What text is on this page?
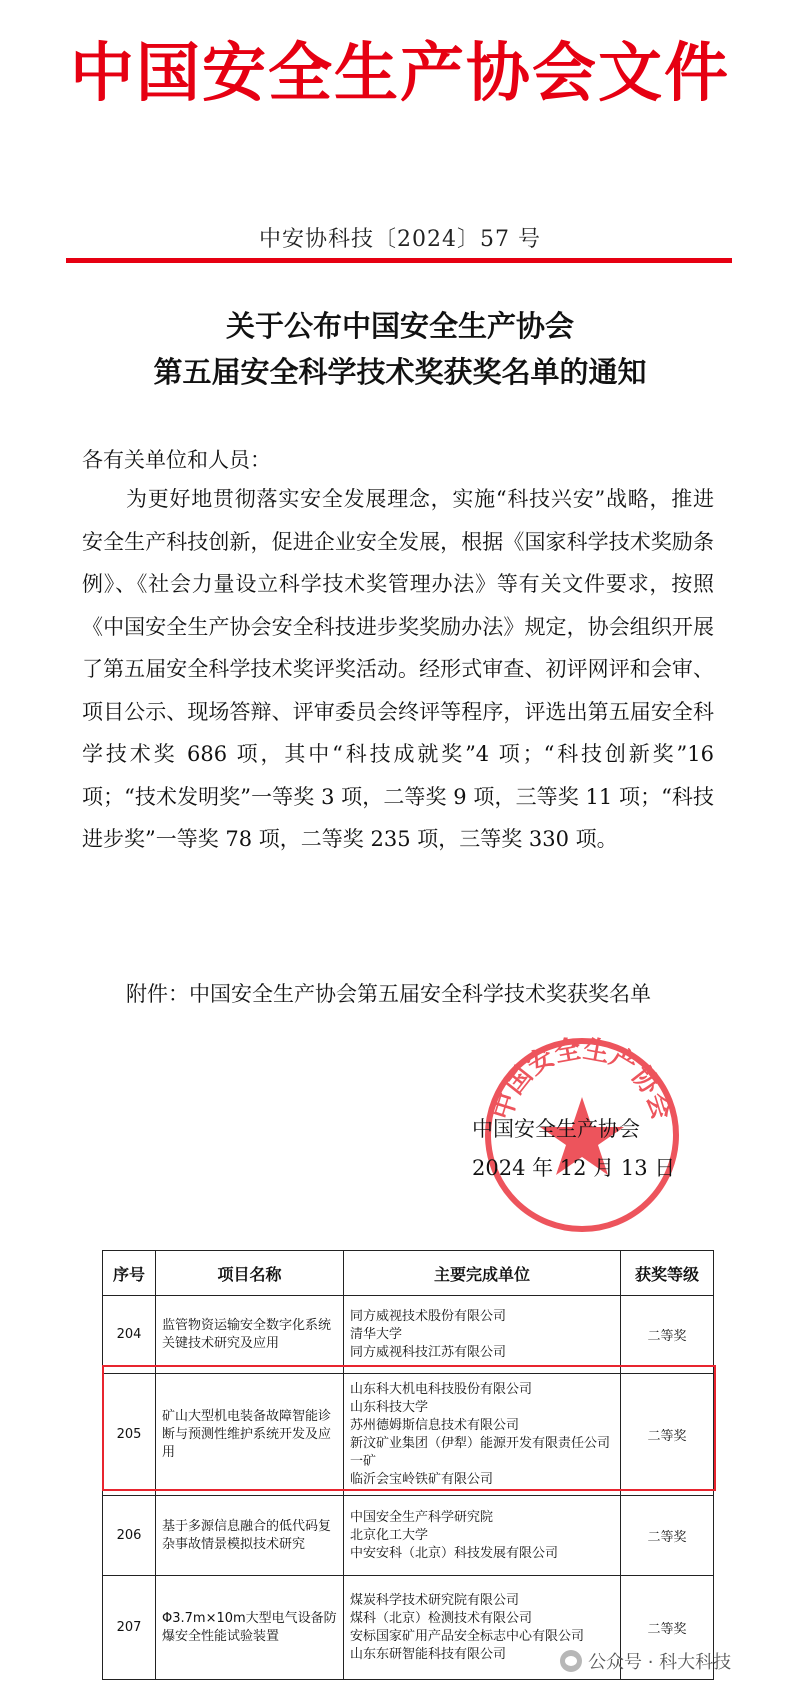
中国安全生产协会文件
中安协科技〔2024〕57 号
关于公布中国安全生产协会
第五届安全科学技术奖获奖名单的通知
各有关单位和人员：

为更好地贯彻落实安全发展理念，实施“科技兴安”战略，推进安全生产科技创新，促进企业安全发展，根据《国家科学技术奖励条例》、《社会力量设立科学技术奖管理办法》等有关文件要求，按照《中国安全生产协会安全科技进步奖奖励办法》规定，协会组织开展了第五届安全科学技术奖评奖活动。经形式审查、初评网评和会审、项目公示、现场答辩、评审委员会终评等程序，评选出第五届安全科学技术奖 686 项，其中“科技成就奖”4 项；“科技创新奖”16 项；“技术发明奖”一等奖 3 项，二等奖 9 项，三等奖 11 项；“科技进步奖”一等奖 78 项，二等奖 235 项，三等奖 330 项。

附件：中国安全生产协会第五届安全科学技术奖获奖名单
中国安全生产协会
中国安全生产协会
2024 年 12 月 13 日
序号	项目名称	主要完成单位	获奖等级
204	监管物资运输安全数字化系统关键技术研究及应用	同方威视技术股份有限公司
清华大学
同方威视科技江苏有限公司	二等奖
205	矿山大型机电装备故障智能诊断与预测性维护系统开发及应用	山东科大机电科技股份有限公司
山东科技大学
苏州德姆斯信息技术有限公司
新汶矿业集团（伊犁）能源开发有限责任公司一矿
临沂会宝岭铁矿有限公司	二等奖
206	基于多源信息融合的低代码复杂事故情景模拟技术研究	中国安全生产科学研究院
北京化工大学
中安安科（北京）科技发展有限公司	二等奖
207	Φ3.7m×10m大型电气设备防爆安全性能试验装置	煤炭科学技术研究院有限公司
煤科（北京）检测技术有限公司
安标国家矿用产品安全标志中心有限公司
山东东研智能科技有限公司	二等奖
公众号 · 科大科技
